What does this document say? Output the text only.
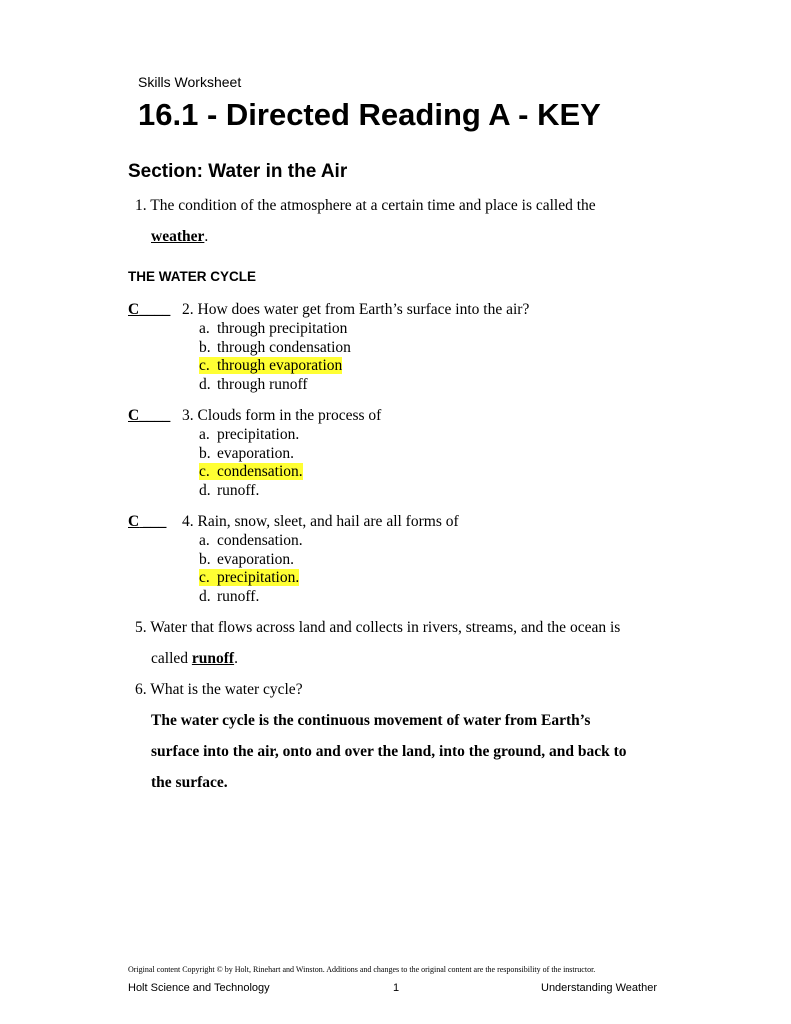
Skills Worksheet
16.1 - Directed Reading A - KEY
Section: Water in the Air
1. The condition of the atmosphere at a certain time and place is called the
weather.
THE WATER CYCLE
C____ 2. How does water get from Earth’s surface into the air?
a. through precipitation
b. through condensation
c. through evaporation
d. through runoff
C____ 3. Clouds form in the process of
a. precipitation.
b. evaporation.
c. condensation.
d. runoff.
C ___ 4. Rain, snow, sleet, and hail are all forms of
a. condensation.
b. evaporation.
c. precipitation.
d. runoff.
5. Water that flows across land and collects in rivers, streams, and the ocean is
called runoff.
6. What is the water cycle?
The water cycle is the continuous movement of water from Earth’s
surface into the air, onto and over the land, into the ground, and back to
the surface.
Original content Copyright © by Holt, Rinehart and Winston. Additions and changes to the original content are the responsibility of the instructor.
Holt Science and Technology	1	Understanding Weather
